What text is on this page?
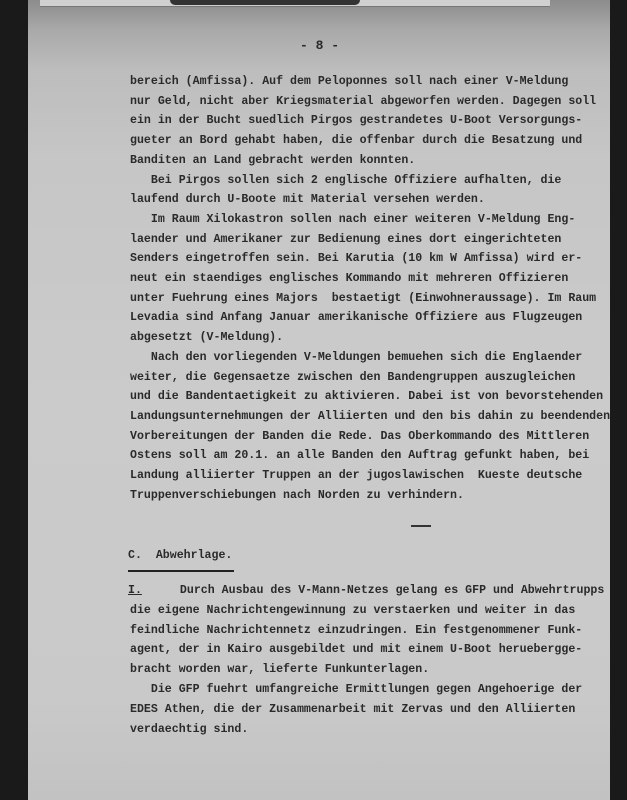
- 8 -
bereich (Amfissa). Auf dem Peloponnes soll nach einer V-Meldung
nur Geld, nicht aber Kriegsmaterial abgeworfen werden. Dagegen soll
ein in der Bucht suedlich Pirgos gestrandetes U-Boot Versorgungs-
gueter an Bord gehabt haben, die offenbar durch die Besatzung und
Banditen an Land gebracht werden konnten.
Bei Pirgos sollen sich 2 englische Offiziere aufhalten, die
laufend durch U-Boote mit Material versehen werden.
Im Raum Xilokastron sollen nach einer weiteren V-Meldung Eng-
laender und Amerikaner zur Bedienung eines dort eingerichteten
Senders eingetroffen sein. Bei Karutia (10 km W Amfissa) wird er-
neut ein staendiges englisches Kommando mit mehreren Offizieren
unter Fuehrung eines Majors  bestaetigt (Einwohneraussage). Im Raum
Levadia sind Anfang Januar amerikanische Offiziere aus Flugzeugen
abgesetzt (V-Meldung).
Nach den vorliegenden V-Meldungen bemuehen sich die Englaender
weiter, die Gegensaetze zwischen den Bandengruppen auszugleichen
und die Bandentaetigkeit zu aktivieren. Dabei ist von bevorstehenden
Landungsunternehmungen der Alliierten und den bis dahin zu beendenden
Vorbereitungen der Banden die Rede. Das Oberkommando des Mittleren
Ostens soll am 20.1. an alle Banden den Auftrag gefunkt haben, bei
Landung alliierter Truppen an der jugoslawischen  Kueste deutsche
Truppenverschiebungen nach Norden zu verhindern.
C.  Abwehrlage.
I.	Durch Ausbau des V-Mann-Netzes gelang es GFP und Abwehrtrupps
die eigene Nachrichtengewinnung zu verstaerken und weiter in das
feindliche Nachrichtennetz einzudringen. Ein festgenommener Funk-
agent, der in Kairo ausgebildet und mit einem U-Boot heruebergge-
bracht worden war, lieferte Funkunterlagen.
Die GFP fuehrt umfangreiche Ermittlungen gegen Angehoerige der
EDES Athen, die der Zusammenarbeit mit Zervas und den Alliierten
verdaechtig sind.
